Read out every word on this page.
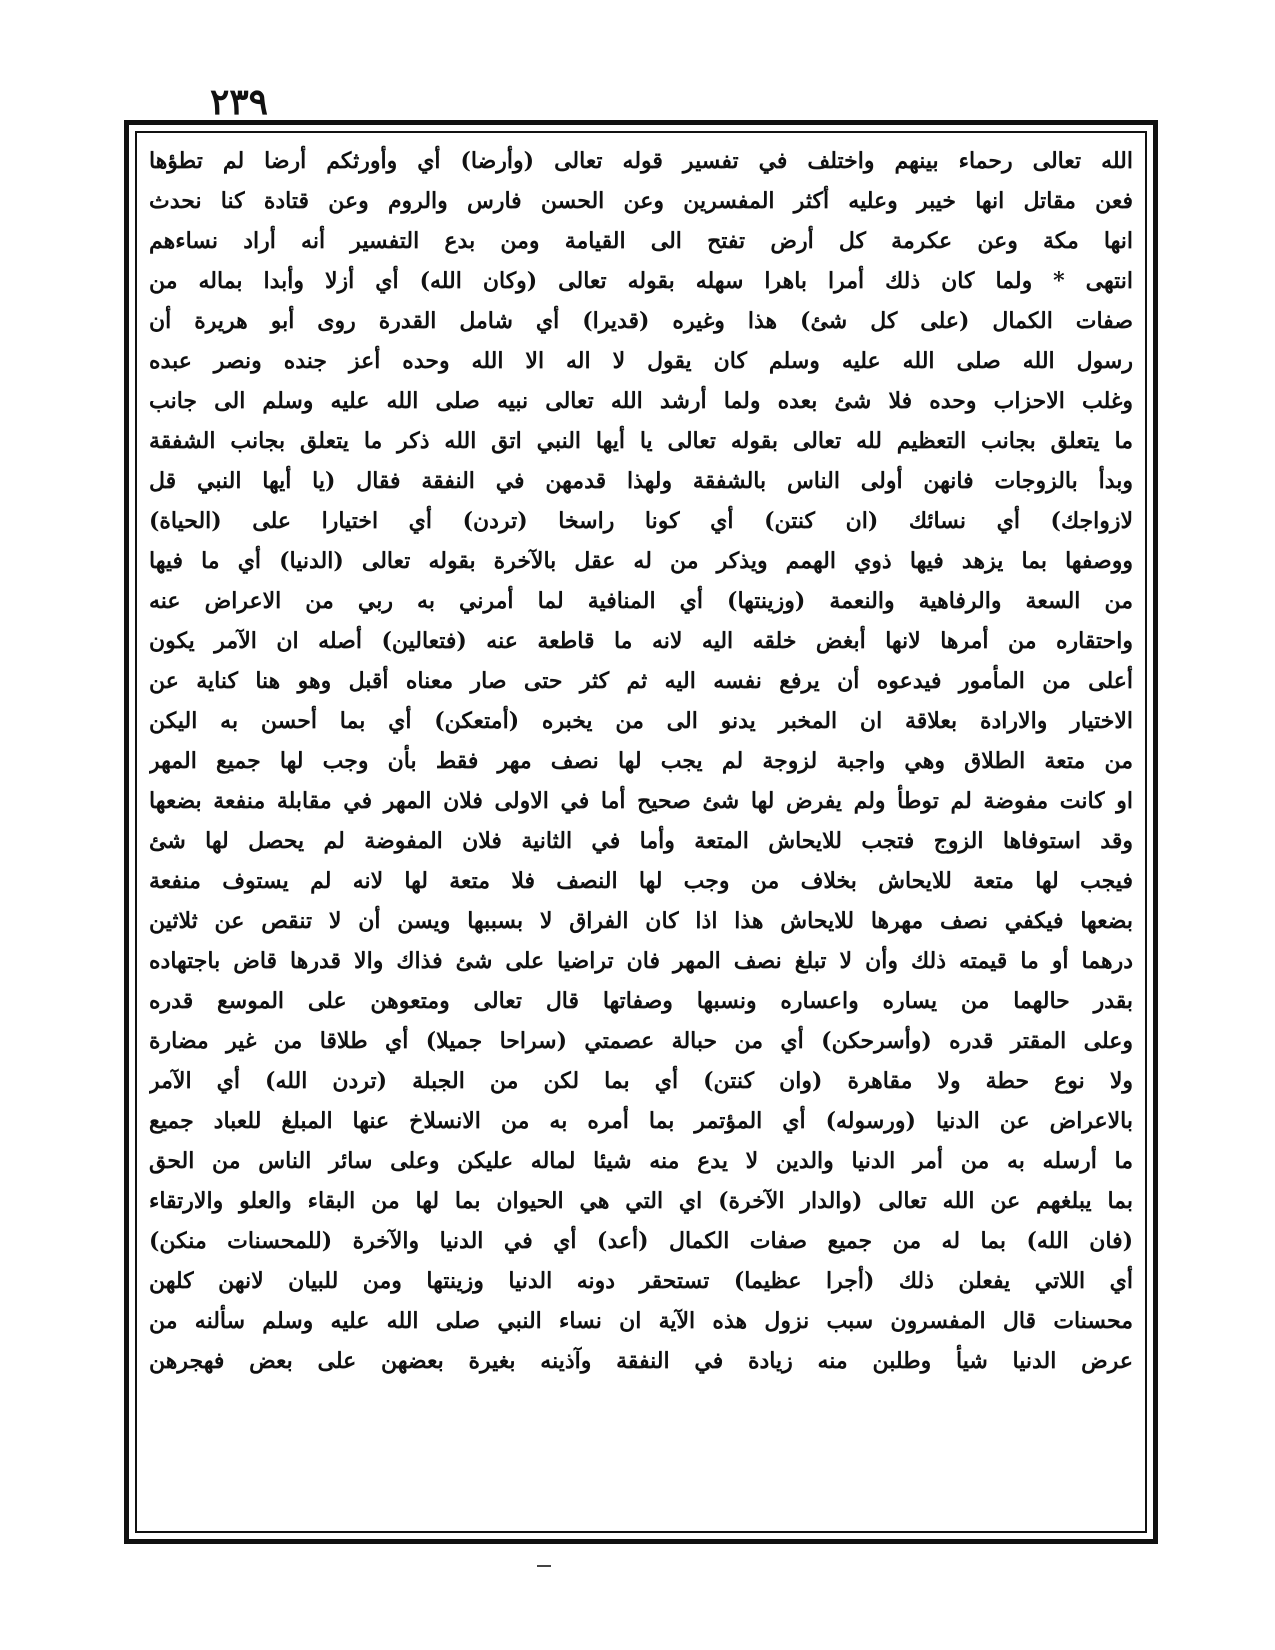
٢٣٩
الله تعالى رحماء بينهم واختلف في تفسير قوله تعالى (وأرضا) أي وأورثكم أرضا لم تطؤها
فعن مقاتل انها خيبر وعليه أكثر المفسرين وعن الحسن فارس والروم وعن قتادة كنا نحدث
انها مكة وعن عكرمة كل أرض تفتح الى القيامة ومن بدع التفسير أنه أراد نساءهم
انتهى * ولما كان ذلك أمرا باهرا سهله بقوله تعالى (وكان الله) أي أزلا وأبدا بماله من
صفات الكمال (على كل شئ) هذا وغيره (قديرا) أي شامل القدرة روى أبو هريرة أن
رسول الله صلى الله عليه وسلم كان يقول لا اله الا الله وحده أعز جنده ونصر عبده
وغلب الاحزاب وحده فلا شئ بعده ولما أرشد الله تعالى نبيه صلى الله عليه وسلم الى جانب
ما يتعلق بجانب التعظيم لله تعالى بقوله تعالى يا أيها النبي اتق الله ذكر ما يتعلق بجانب الشفقة
وبدأ بالزوجات فانهن أولى الناس بالشفقة ولهذا قدمهن في النفقة فقال (يا أيها النبي قل
لازواجك) أي نسائك (ان كنتن) أي كونا راسخا (تردن) أي اختيارا على (الحياة)
ووصفها بما يزهد فيها ذوي الهمم ويذكر من له عقل بالآخرة بقوله تعالى (الدنيا) أي ما فيها
من السعة والرفاهية والنعمة (وزينتها) أي المنافية لما أمرني به ربي من الاعراض عنه
واحتقاره من أمرها لانها أبغض خلقه اليه لانه ما قاطعة عنه (فتعالين) أصله ان الآمر يكون
أعلى من المأمور فيدعوه أن يرفع نفسه اليه ثم كثر حتى صار معناه أقبل وهو هنا كناية عن
الاختيار والارادة بعلاقة ان المخبر يدنو الى من يخبره (أمتعكن) أي بما أحسن به اليكن
من متعة الطلاق وهي واجبة لزوجة لم يجب لها نصف مهر فقط بأن وجب لها جميع المهر
او كانت مفوضة لم توطأ ولم يفرض لها شئ صحيح أما في الاولى فلان المهر في مقابلة منفعة بضعها
وقد استوفاها الزوج فتجب للايحاش المتعة وأما في الثانية فلان المفوضة لم يحصل لها شئ
فيجب لها متعة للايحاش بخلاف من وجب لها النصف فلا متعة لها لانه لم يستوف منفعة
بضعها فيكفي نصف مهرها للايحاش هذا اذا كان الفراق لا بسببها ويسن أن لا تنقص عن ثلاثين
درهما أو ما قيمته ذلك وأن لا تبلغ نصف المهر فان تراضيا على شئ فذاك والا قدرها قاض باجتهاده
بقدر حالهما من يساره واعساره ونسبها وصفاتها قال تعالى ومتعوهن على الموسع قدره
وعلى المقتر قدره (وأسرحكن) أي من حبالة عصمتي (سراحا جميلا) أي طلاقا من غير مضارة
ولا نوع حطة ولا مقاهرة (وان كنتن) أي بما لكن من الجبلة (تردن الله) أي الآمر
بالاعراض عن الدنيا (ورسوله) أي المؤتمر بما أمره به من الانسلاخ عنها المبلغ للعباد جميع
ما أرسله به من أمر الدنيا والدين لا يدع منه شيئا لماله عليكن وعلى سائر الناس من الحق
بما يبلغهم عن الله تعالى (والدار الآخرة) اي التي هي الحيوان بما لها من البقاء والعلو والارتقاء
(فان الله) بما له من جميع صفات الكمال (أعد) أي في الدنيا والآخرة (للمحسنات منكن)
أي اللاتي يفعلن ذلك (أجرا عظيما) تستحقر دونه الدنيا وزينتها ومن للبيان لانهن كلهن
محسنات قال المفسرون سبب نزول هذه الآية ان نساء النبي صلى الله عليه وسلم سألنه من
عرض الدنيا شيأ وطلبن منه زيادة في النفقة وآذينه بغيرة بعضهن على بعض فهجرهن
